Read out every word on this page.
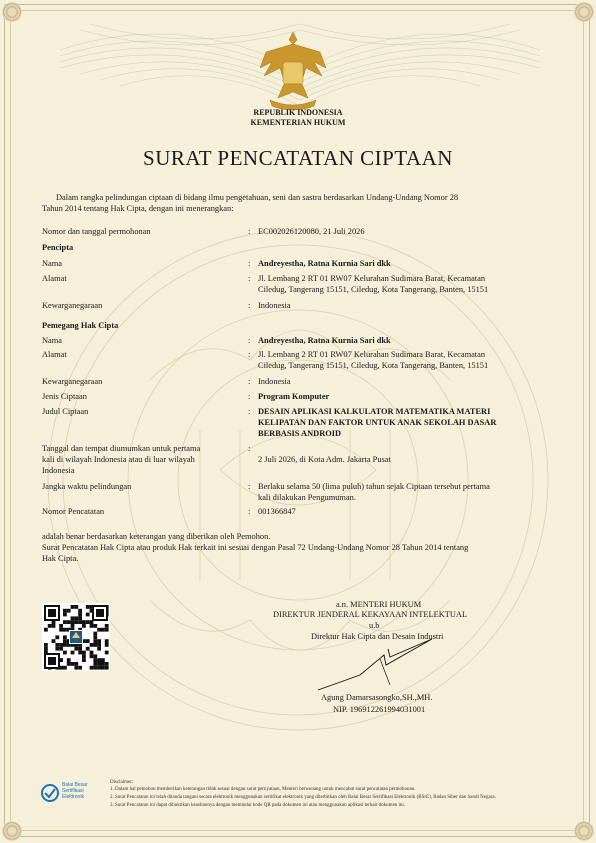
REPUBLIK INDONESIA
KEMENTERIAN HUKUM
SURAT PENCATATAN CIPTAAN
Dalam rangka pelindungan ciptaan di bidang ilmu pengetahuan, seni dan sastra berdasarkan Undang-Undang Nomor 28
Tahun 2014 tentang Hak Cipta, dengan ini menerangkan:
Nomor dan tanggal permohonan	: EC002026120080, 21 Juli 2026
Pencipta
Nama	: Andreyestha, Ratna Kurnia Sari dkk
Alamat	: Jl. Lembang 2 RT 01 RW07 Kelurahan Sudimara Barat, Kecamatan
Ciledug, Tangerang 15151, Ciledug, Kota Tangerang, Banten, 15151
Kewarganegaraan	: Indonesia
Pemegang Hak Cipta
Nama	: Andreyestha, Ratna Kurnia Sari dkk
Alamat	: Jl. Lembang 2 RT 01 RW07 Kelurahan Sudimara Barat, Kecamatan
Ciledug, Tangerang 15151, Ciledug, Kota Tangerang, Banten, 15151
Kewarganegaraan	: Indonesia
Jenis Ciptaan	: Program Komputer
Judul Ciptaan	: DESAIN APLIKASI KALKULATOR MATEMATIKA MATERI
KELIPATAN DAN FAKTOR UNTUK ANAK SEKOLAH DASAR
BERBASIS ANDROID
Tanggal dan tempat diumumkan untuk pertama
kali di wilayah Indonesia atau di luar wilayah
Indonesia
:
2 Juli 2026, di Kota Adm. Jakarta Pusat
Jangka waktu pelindungan	: Berlaku selama 50 (lima puluh) tahun sejak Ciptaan tersebut pertama
kali dilakukan Pengumuman.
Nomor Pencatatan	: 001366847
adalah benar berdasarkan keterangan yang diberikan oleh Pemohon.
Surat Pencatatan Hak Cipta atau produk Hak terkait ini sesuai dengan Pasal 72 Undang-Undang Nomor 28 Tahun 2014 tentang
Hak Cipta.
a.n. MENTERI HUKUM
DIREKTUR JENDERAL KEKAYAAN INTELEKTUAL
u.b
Direktur Hak Cipta dan Desain Industri
Agung Damarsasongko,SH.,MH.
NIP. 196912261994031001
Balai Besar
Sertifikasi
Elektronik
Disclaimer:
1. Dalam hal pemohon memberikan keterangan tidak sesuai dengan surat pernyataan, Menteri berwenang untuk mencabut surat pencatatan permohonan.
2. Surat Pencatatan ini telah ditanda tangani secara elektronik menggunakan sertifikat elektronik yang diterbitkan oleh Balai Besar Sertifikasi Elektronik (BSrE), Badan Siber dan Sandi Negara.
3. Surat Pencatatan ini dapat dibuktikan keasliannya dengan memindai kode QR pada dokumen ini atau menggunakan aplikasi terkait dokumen ini.
